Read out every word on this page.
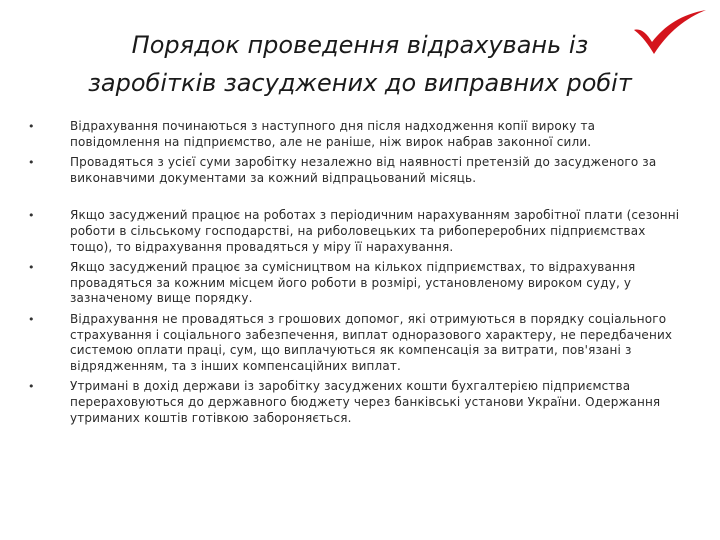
Порядок проведення відрахувань із
заробітків засуджених до виправних робіт
•	Відрахування починаються з наступного дня після надходження копії вироку та повідомлення на підприємство, але не раніше, ніж вирок набрав законної сили.
•	Провадяться з усієї суми заробітку незалежно від наявності претензій до засудженого за виконавчими документами за кожний відпрацьований місяць.
•	Якщо засуджений працює на роботах з періодичним нарахуванням заробітної плати (сезонні роботи в сільському господарстві, на риболовецьких та рибопереробних підприємствах тощо), то відрахування провадяться у міру її нарахування.
•	Якщо засуджений працює за сумісництвом на кількох підприємствах, то відрахування провадяться за кожним місцем його роботи в розмірі, установленому вироком суду, у зазначеному вище порядку.
•	Відрахування не провадяться з грошових допомог, які отримуються в порядку соціального страхування і соціального забезпечення, виплат одноразового характеру, не передбачених системою оплати праці, сум, що виплачуються як компенсація за витрати, пов'язані з відрядженням, та з інших компенсаційних виплат.
•	Утримані в дохід держави із заробітку засуджених кошти бухгалтерією підприємства перераховуються до державного бюджету через банківські установи України. Одержання утриманих коштів готівкою забороняється.
